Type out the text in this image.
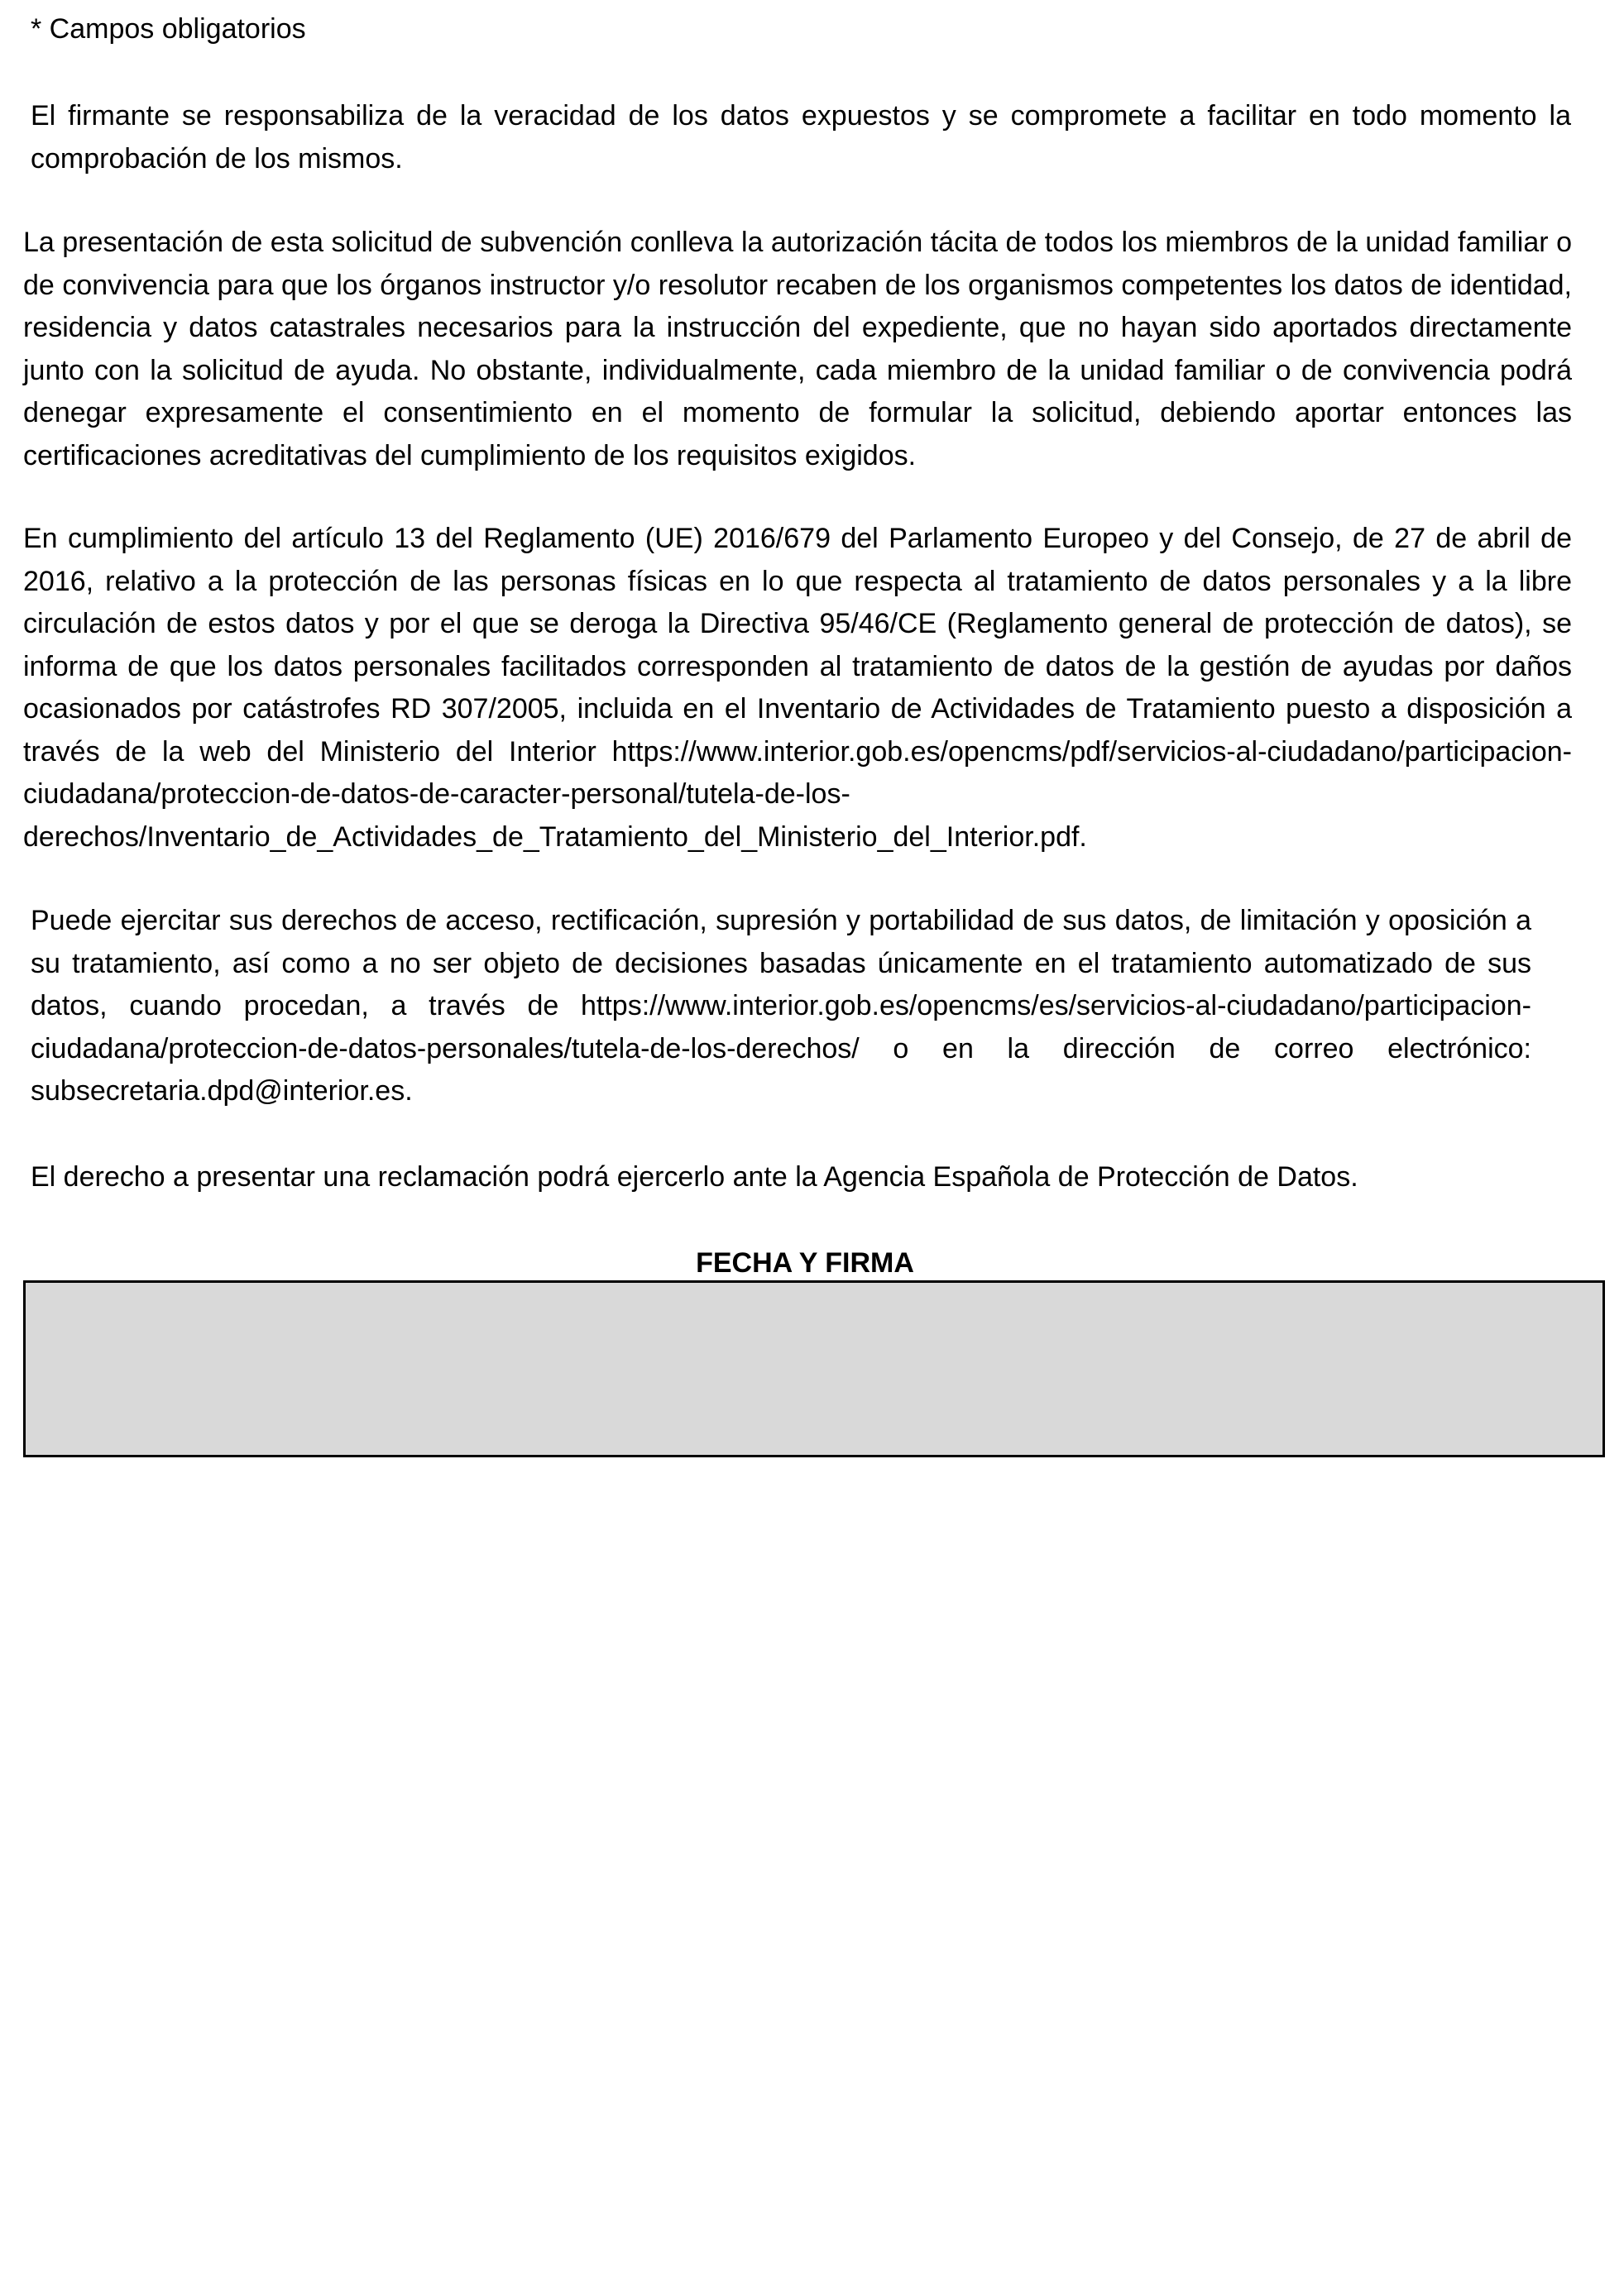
* Campos obligatorios

El firmante se responsabiliza de la veracidad de los datos expuestos y se compromete a facilitar en todo momento la comprobación de los mismos.

La presentación de esta solicitud de subvención conlleva la autorización tácita de todos los miembros de la unidad familiar o de convivencia para que los órganos instructor y/o resolutor recaben de los organismos competentes los datos de identidad, residencia y datos catastrales necesarios para la instrucción del expediente, que no hayan sido aportados directamente junto con la solicitud de ayuda. No obstante, individualmente, cada miembro de la unidad familiar o de convivencia podrá denegar expresamente el consentimiento en el momento de formular la solicitud, debiendo aportar entonces las certificaciones acreditativas del cumplimiento de los requisitos exigidos.

En cumplimiento del artículo 13 del Reglamento (UE) 2016/679 del Parlamento Europeo y del Consejo, de 27 de abril de 2016, relativo a la protección de las personas físicas en lo que respecta al tratamiento de datos personales y a la libre circulación de estos datos y por el que se deroga la Directiva 95/46/CE (Reglamento general de protección de datos), se informa de que los datos personales facilitados corresponden al tratamiento de datos de la gestión de ayudas por daños ocasionados por catástrofes RD 307/2005, incluida en el Inventario de Actividades de Tratamiento puesto a disposición a través de la web del Ministerio del Interior https://www.interior.gob.es/opencms/pdf/servicios-al-ciudadano/participacion-ciudadana/proteccion-de-datos-de-caracter-personal/tutela-de-los-derechos/Inventario_de_Actividades_de_Tratamiento_del_Ministerio_del_Interior.pdf.

Puede ejercitar sus derechos de acceso, rectificación, supresión y portabilidad de sus datos, de limitación y oposición a su tratamiento, así como a no ser objeto de decisiones basadas únicamente en el tratamiento automatizado de sus datos, cuando procedan, a través de https://www.interior.gob.es/opencms/es/servicios-al-ciudadano/participacion- ciudadana/proteccion-de-datos-personales/tutela-de-los-derechos/ o en la dirección de correo electrónico: subsecretaria.dpd@interior.es.

El derecho a presentar una reclamación podrá ejercerlo ante la Agencia Española de Protección de Datos.

FECHA Y FIRMA
